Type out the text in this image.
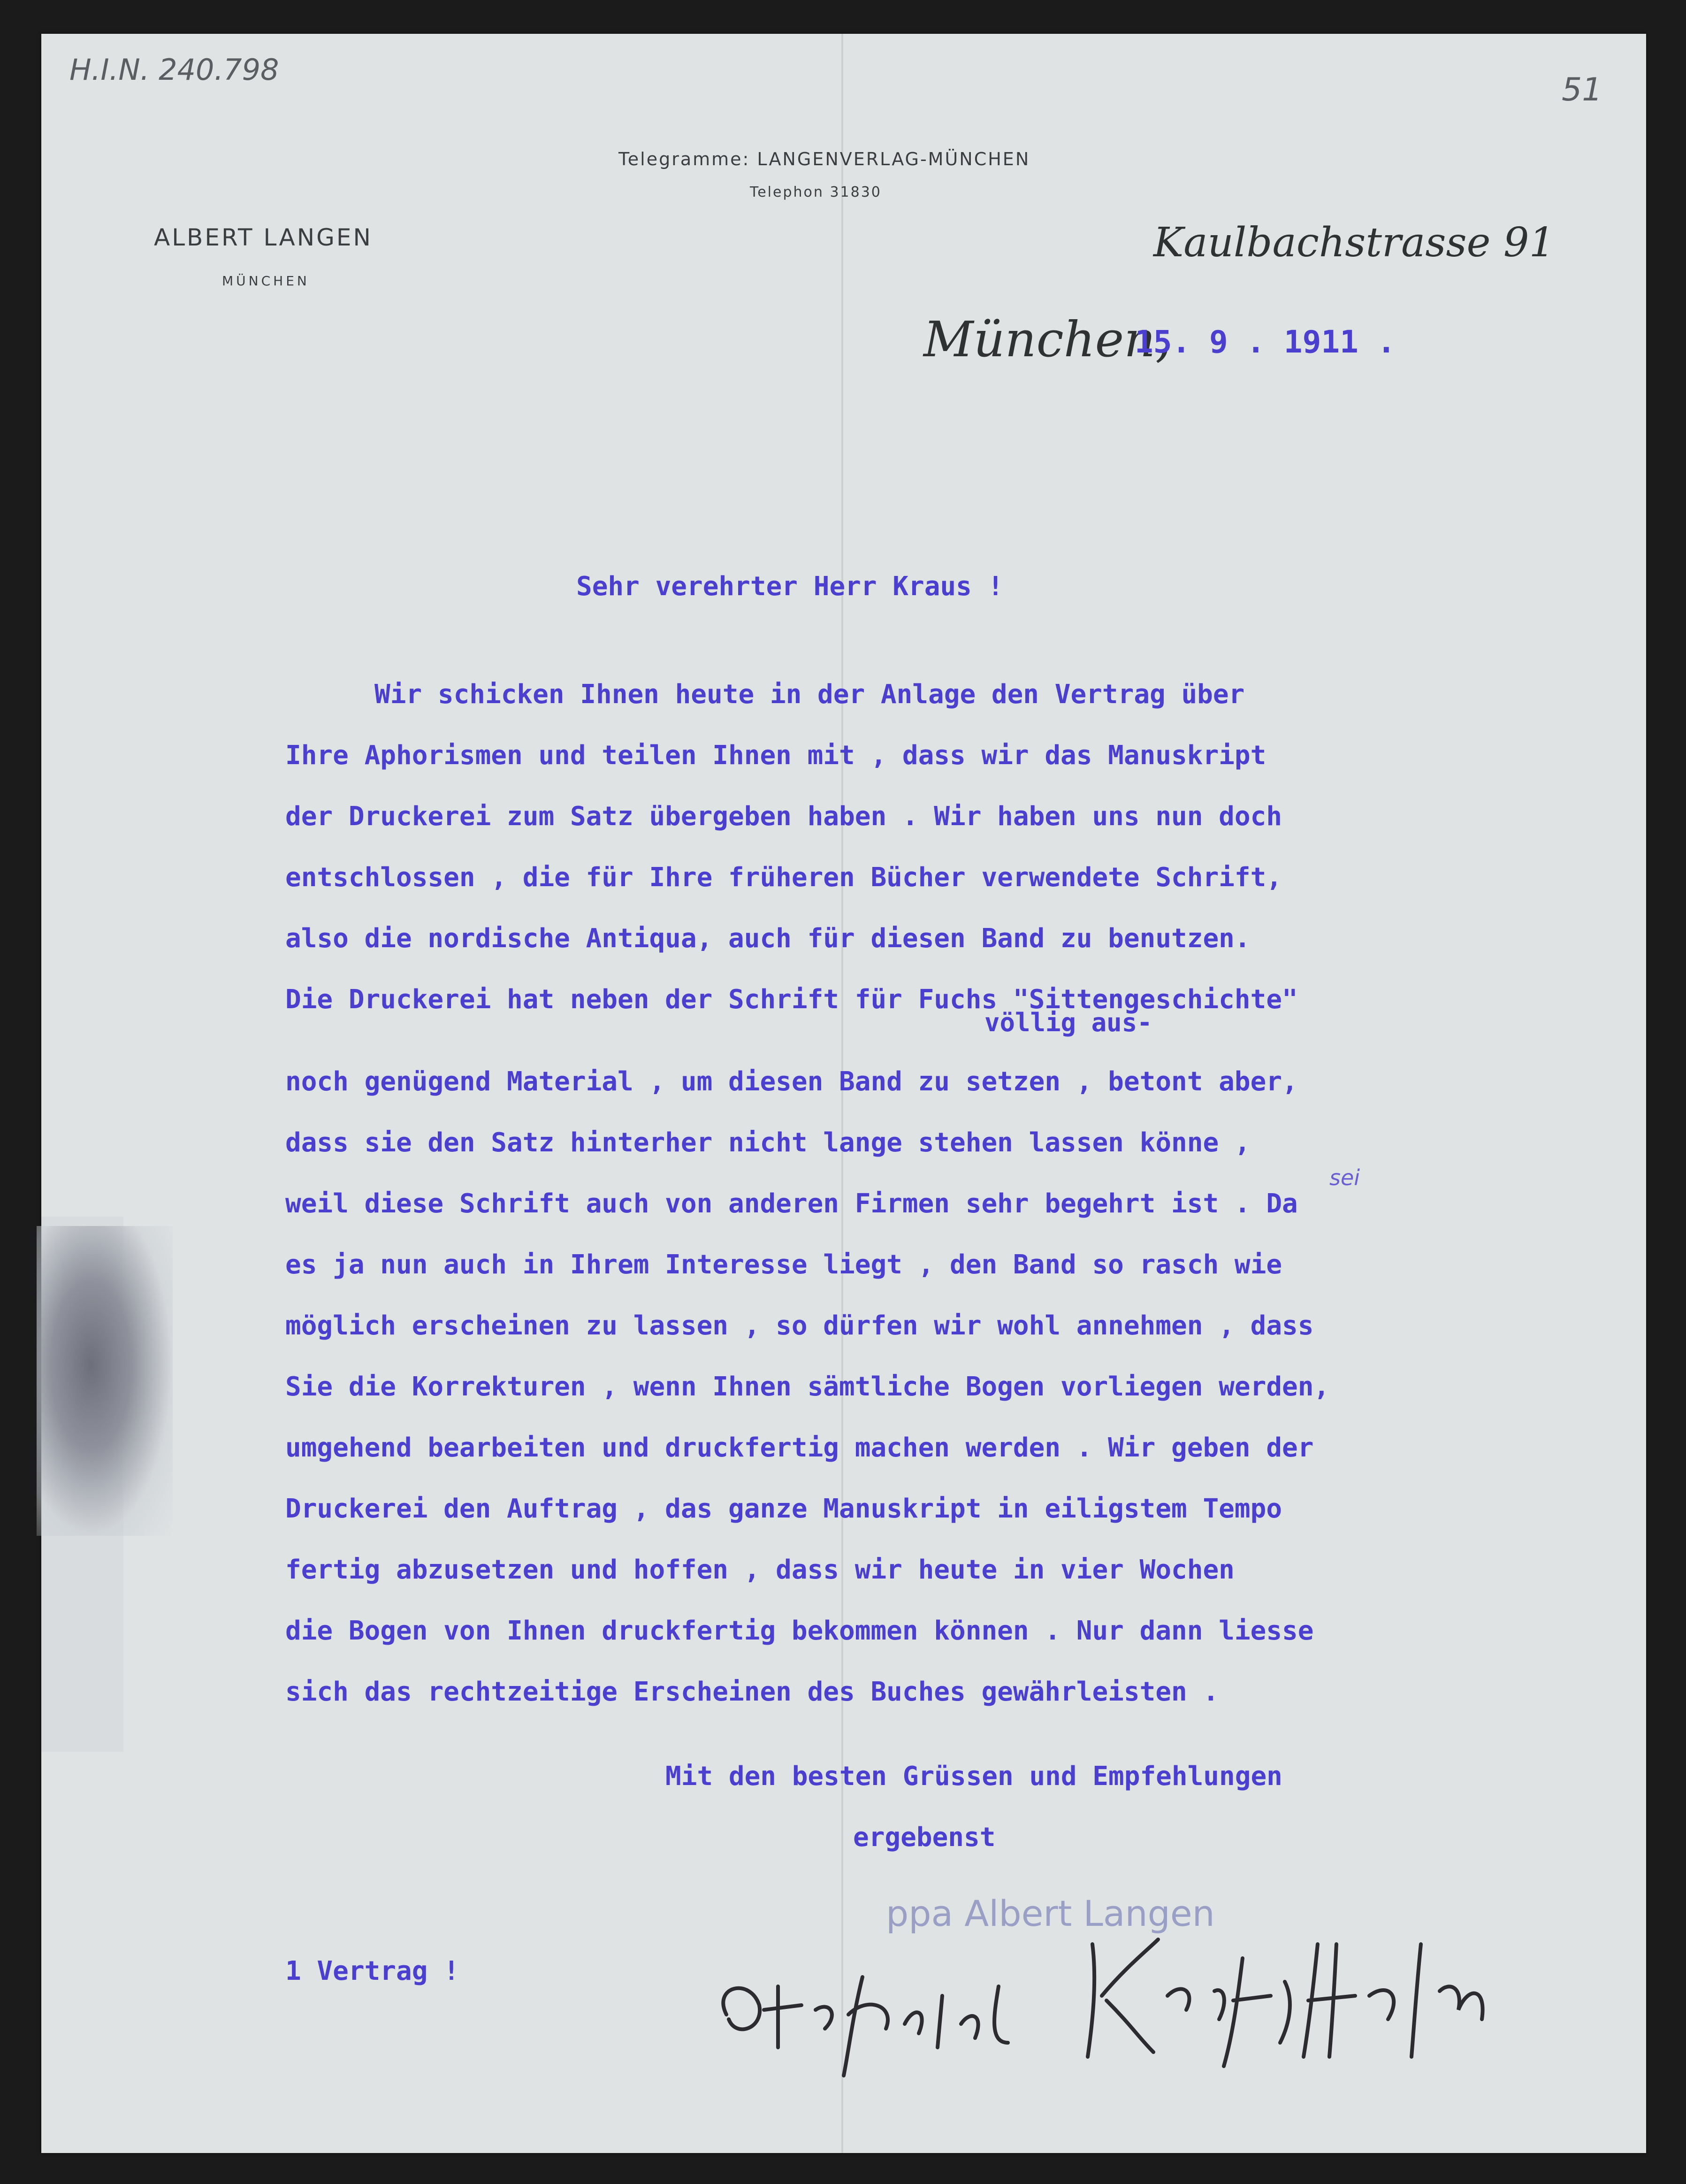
H.I.N. 240.798
51
Telegramme: LANGENVERLAG-MÜNCHEN
Telephon 31830
ALBERT LANGEN
MÜNCHEN
Kaulbachstrasse 91
München,
15. 9 . 1911 .
Sehr verehrter Herr Kraus !
völlig aus-
sei
Wir schicken Ihnen heute in der Anlage den Vertrag über
Ihre Aphorismen und teilen Ihnen mit , dass wir das Manuskript
der Druckerei zum Satz übergeben haben . Wir haben uns nun doch
entschlossen , die für Ihre früheren Bücher verwendete Schrift,
also die nordische Antiqua, auch für diesen Band zu benutzen.
Die Druckerei hat neben der Schrift für Fuchs "Sittengeschichte"
noch genügend Material , um diesen Band zu setzen , betont aber,
dass sie den Satz hinterher nicht lange stehen lassen könne ,
weil diese Schrift auch von anderen Firmen sehr begehrt ist . Da
es ja nun auch in Ihrem Interesse liegt , den Band so rasch wie
möglich erscheinen zu lassen , so dürfen wir wohl annehmen , dass
Sie die Korrekturen , wenn Ihnen sämtliche Bogen vorliegen werden,
umgehend bearbeiten und druckfertig machen werden . Wir geben der
Druckerei den Auftrag , das ganze Manuskript in eiligstem Tempo
fertig abzusetzen und hoffen , dass wir heute in vier Wochen
die Bogen von Ihnen druckfertig bekommen können . Nur dann liesse
sich das rechtzeitige Erscheinen des Buches gewährleisten .
Mit den besten Grüssen und Empfehlungen
ergebenst
ppa Albert Langen
1 Vertrag !
